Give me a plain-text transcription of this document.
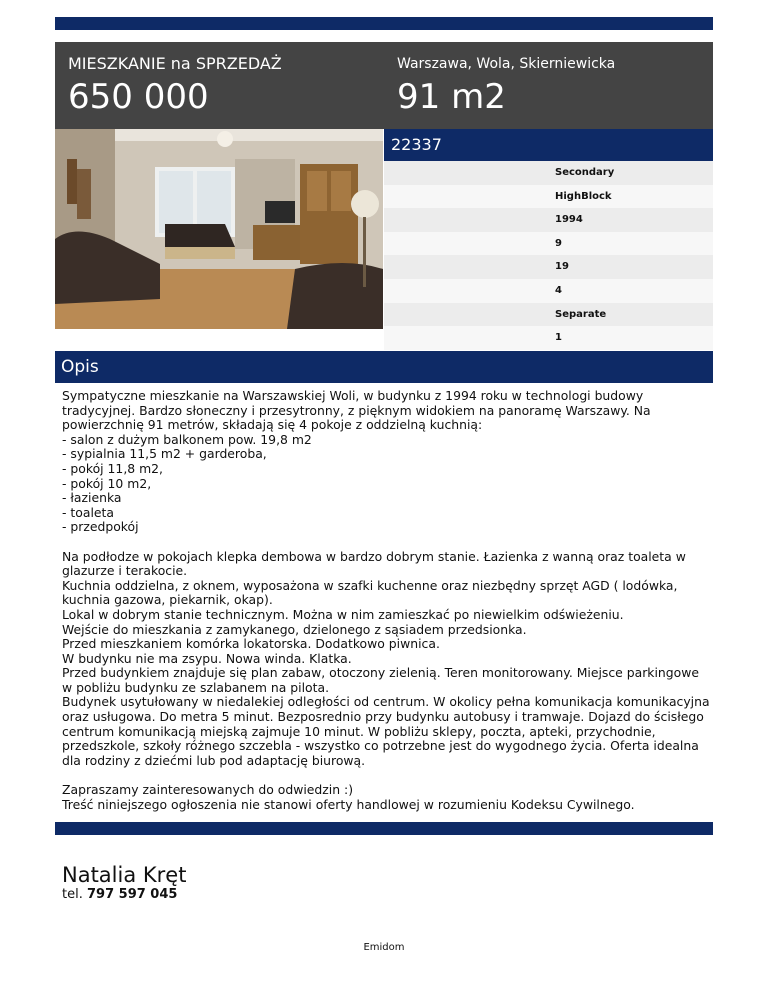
MIESZKANIE na SPRZEDAŻ
650 000
Warszawa, Wola, Skierniewicka
91 m2
22337
Secondary
HighBlock
1994
9
19
4
Separate
1
Opis
Sympatyczne mieszkanie na Warszawskiej Woli, w budynku z 1994 roku w technologi budowy tradycyjnej. Bardzo słoneczny i przesytronny, z pięknym widokiem na panoramę Warszawy. Na powierzchnię 91 metrów, składają się 4 pokoje z oddzielną kuchnią:
- salon z dużym balkonem pow. 19,8 m2
- sypialnia 11,5 m2 + garderoba,
- pokój 11,8 m2,
- pokój 10 m2,
- łazienka
- toaleta
- przedpokój

Na podłodze w pokojach klepka dembowa w bardzo dobrym stanie. Łazienka z wanną oraz toaleta w glazurze i terakocie.
Kuchnia oddzielna, z oknem, wyposażona w szafki kuchenne oraz niezbędny sprzęt AGD ( lodówka, kuchnia gazowa, piekarnik, okap).
Lokal w dobrym stanie technicznym. Można w nim zamieszkać po niewielkim odświeżeniu.
Wejście do mieszkania z zamykanego, dzielonego z sąsiadem przedsionka.
Przed mieszkaniem komórka lokatorska. Dodatkowo piwnica.
W budynku nie ma zsypu. Nowa winda. Klatka.
Przed budynkiem znajduje się plan zabaw, otoczony zielenią. Teren monitorowany. Miejsce parkingowe w pobliżu budynku ze szlabanem na pilota.
Budynek usytułowany w niedalekiej odległości od centrum. W okolicy pełna komunikacja komunikacyjna oraz usługowa. Do metra 5 minut. Bezposrednio przy budynku autobusy i tramwaje. Dojazd do ścisłego centrum komunikacją miejską zajmuje 10 minut. W pobliżu sklepy, poczta, apteki, przychodnie, przedszkole, szkoły różnego szczebla - wszystko co potrzebne jest do wygodnego życia. Oferta idealna dla rodziny z dziećmi lub pod adaptację biurową.

Zapraszamy zainteresowanych do odwiedzin :)
Treść niniejszego ogłoszenia nie stanowi oferty handlowej w rozumieniu Kodeksu Cywilnego.
Natalia Kręt
tel. 797 597 045
Emidom
